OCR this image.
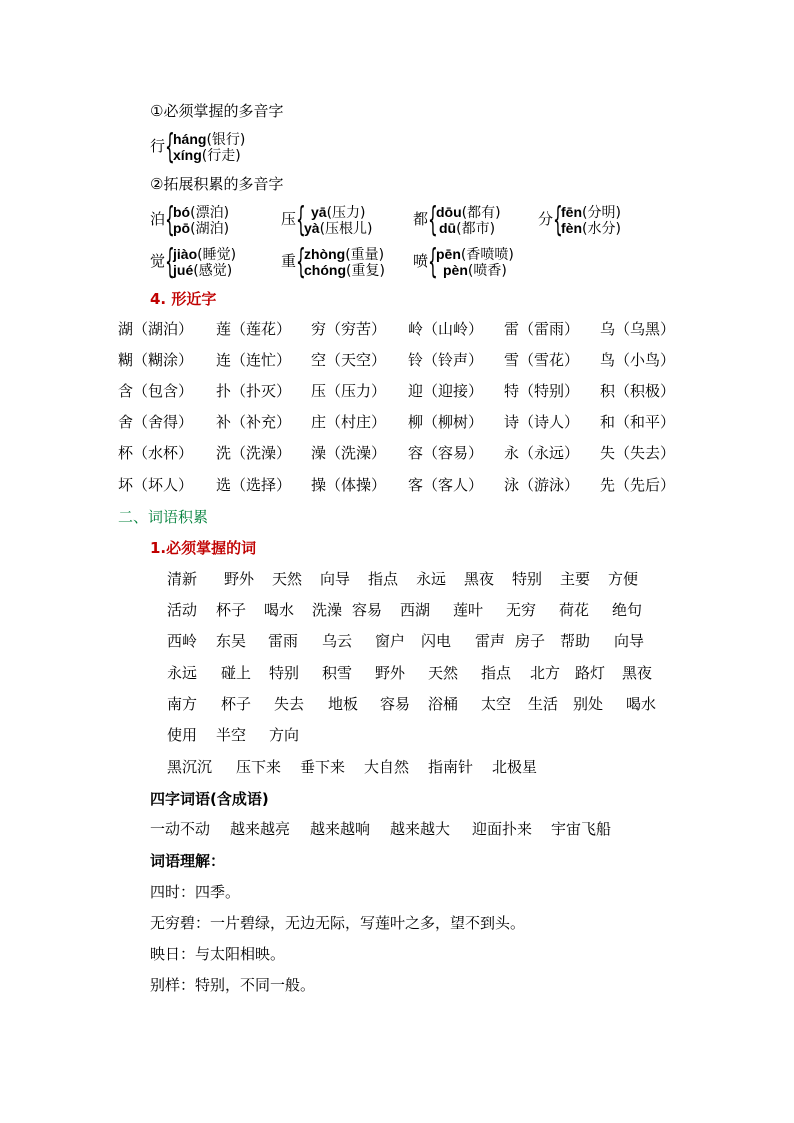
①必须掌握的多音字
行 {
háng(银行)
xíng(行走)
②拓展积累的多音字
泊 {
bó(漂泊)
pō(湖泊)
压 { yā(压力)
yà(压根儿)
都 {
dōu(都有)
dū(都市)
分 {
fēn(分明)
fèn(水分)
觉 {
jiào(睡觉)
jué(感觉)
重 {
zhòng(重量)
chóng(重复)
喷 {
pēn(香喷喷)
pèn(喷香)
4. 形近字
湖（湖泊） 莲（莲花） 穷（穷苦） 岭（山岭） 雷（雷雨） 乌（乌黑）
糊（糊涂） 连（连忙） 空（天空） 铃（铃声） 雪（雪花） 鸟（小鸟）
含（包含） 扑（扑灭） 压（压力） 迎（迎接） 特（特别） 积（积极）
舍（舍得） 补（补充） 庄（村庄） 柳（柳树） 诗（诗人） 和（和平）
杯（水杯） 洗（洗澡） 澡（洗澡） 容（容易） 永（永远） 失（失去）
坏（坏人） 选（选择） 操（体操） 客（客人） 泳（游泳） 先（先后）
二、词语积累
1.必须掌握的词
清新 野外 天然 向导 指点 永远 黑夜 特别 主要 方便
活动 杯子 喝水 洗澡 容易 西湖 莲叶 无穷 荷花 绝句
西岭 东吴 雷雨 乌云 窗户 闪电 雷声 房子 帮助 向导
永远 碰上 特别 积雪 野外 天然 指点 北方 路灯 黑夜
南方 杯子 失去 地板 容易 浴桶 太空 生活 别处 喝水
使用 半空 方向
黑沉沉 压下来 垂下来 大自然 指南针 北极星
四字词语(含成语)
一动不动 越来越亮 越来越响 越来越大 迎面扑来 宇宙飞船
词语理解：
四时：四季。
无穷碧：一片碧绿，无边无际，写莲叶之多，望不到头。
映日：与太阳相映。
别样：特别，不同一般。
